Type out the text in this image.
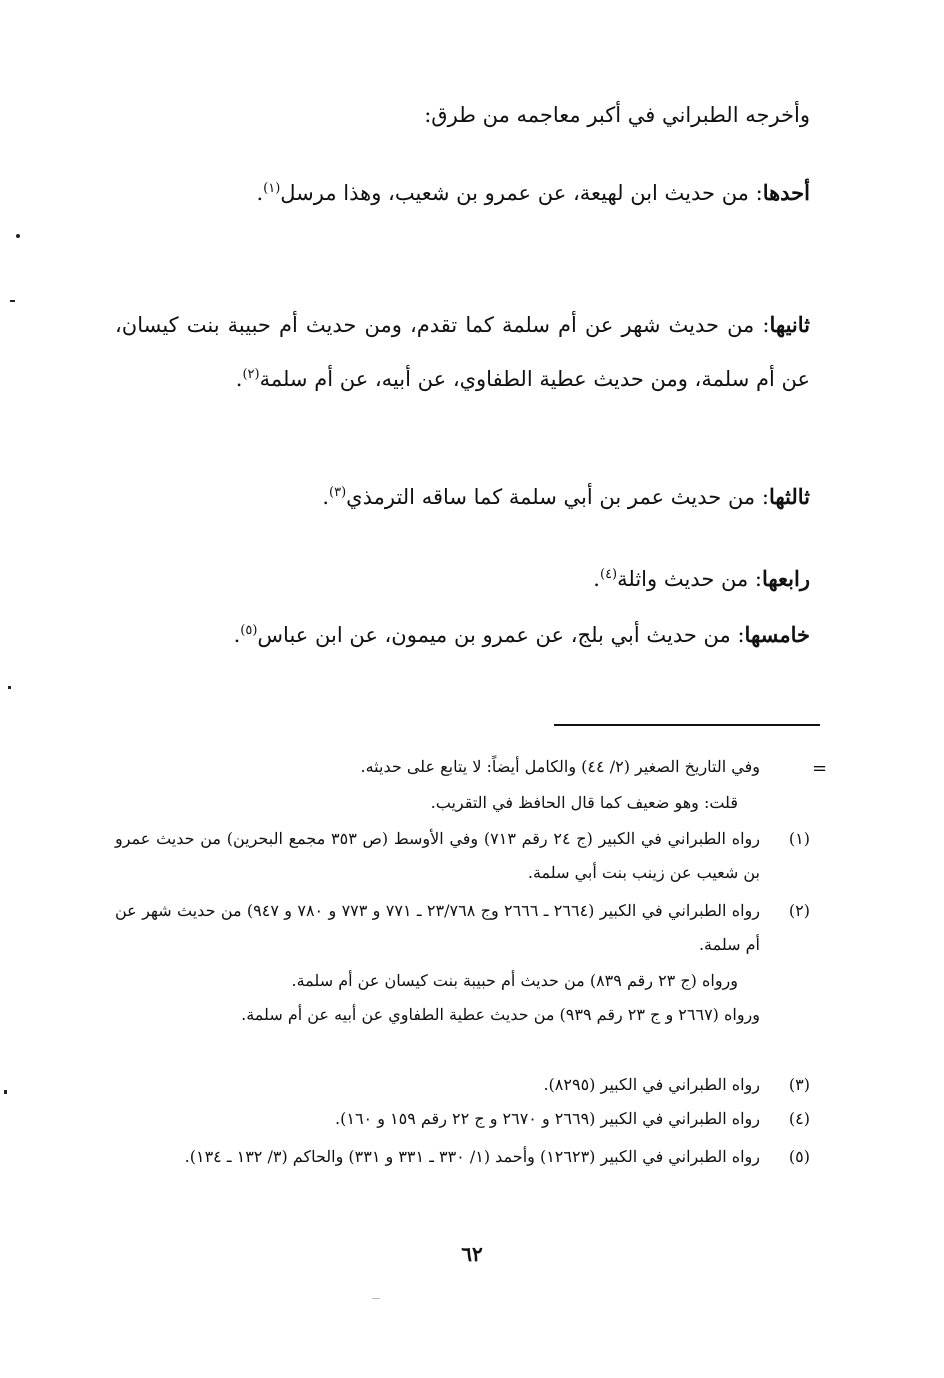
وأخرجه الطبراني في أكبر معاجمه من طرق:
أحدها: من حديث ابن لهيعة، عن عمرو بن شعيب، وهذا مرسل$^{(١)}$.
ثانيها: من حديث شهر عن أم سلمة كما تقدم، ومن حديث أم حبيبة بنت كيسان، عن أم سلمة، ومن حديث عطية الطفاوي، عن أبيه، عن أم سلمة$^{(٢)}$.
ثالثها: من حديث عمر بن أبي سلمة كما ساقه الترمذي$^{(٣)}$.
رابعها: من حديث واثلة$^{(٤)}$.
خامسها: من حديث أبي بلج، عن عمرو بن ميمون، عن ابن عباس$^{(٥)}$.
=
وفي التاريخ الصغير (٢/ ٤٤) والكامل أيضاً: لا يتابع على حديثه.
قلت: وهو ضعيف كما قال الحافظ في التقريب.
(١)
رواه الطبراني في الكبير (ج ٢٤ رقم ٧١٣) وفي الأوسط (ص ٣٥٣ مجمع البحرين) من حديث عمرو بن شعيب عن زينب بنت أبي سلمة.
(٢)
رواه الطبراني في الكبير (٢٦٦٤ ـ ٢٦٦٦ وج ٢٣/٧٦٨ ـ ٧٧١ و ٧٧٣ و ٧٨٠ و ٩٤٧) من حديث شهر عن أم سلمة.
ورواه (ج ٢٣ رقم ٨٣٩) من حديث أم حبيبة بنت كيسان عن أم سلمة.
ورواه (٢٦٦٧ و ج ٢٣ رقم ٩٣٩) من حديث عطية الطفاوي عن أبيه عن أم سلمة.
(٣)
رواه الطبراني في الكبير (٨٢٩٥).
(٤)
رواه الطبراني في الكبير (٢٦٦٩ و ٢٦٧٠ و ج ٢٢ رقم ١٥٩ و ١٦٠).
(٥)
رواه الطبراني في الكبير (١٢٦٢٣) وأحمد (١/ ٣٣٠ ـ ٣٣١ و ٣٣١) والحاكم (٣/ ١٣٢ ـ ١٣٤).
٦٢
